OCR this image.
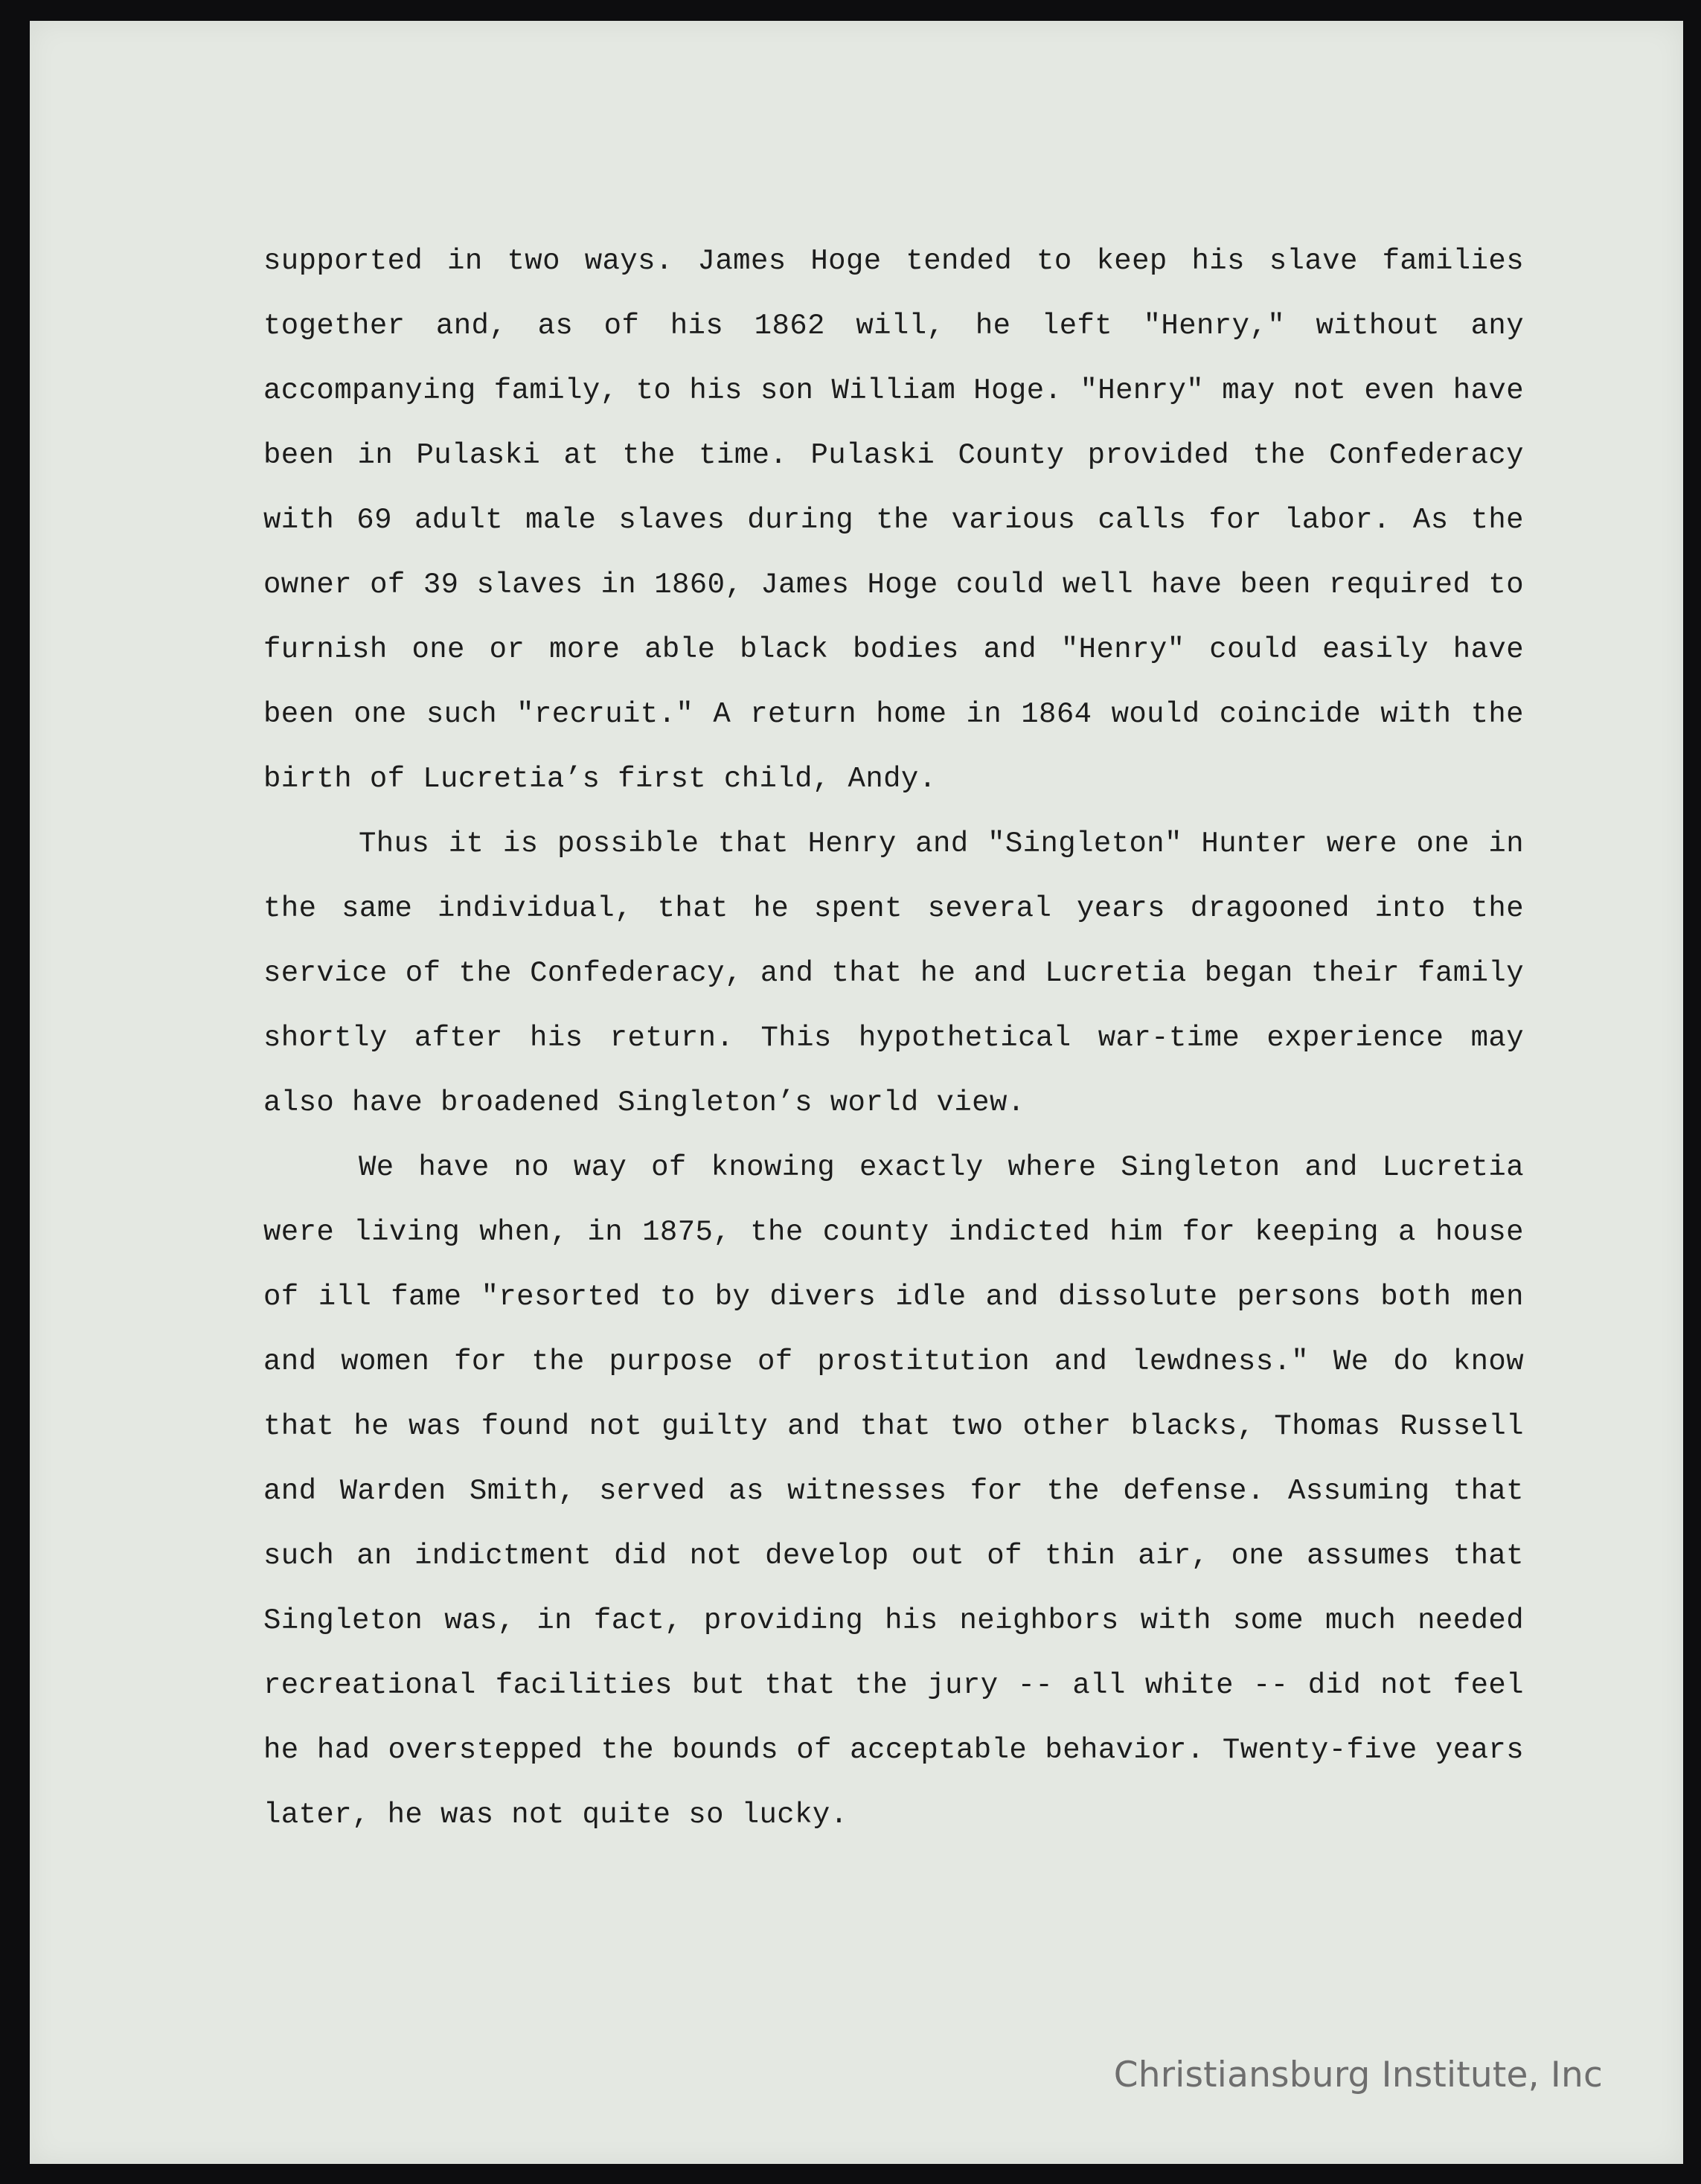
supported in two ways. James Hoge tended to keep his slave families together and, as of his 1862 will, he left "Henry," without any accompanying family, to his son William Hoge. "Henry" may not even have been in Pulaski at the time. Pulaski County provided the Confederacy with 69 adult male slaves during the various calls for labor. As the owner of 39 slaves in 1860, James Hoge could well have been required to furnish one or more able black bodies and "Henry" could easily have been one such "recruit." A return home in 1864 would coincide with the birth of Lucretia’s first child, Andy.

Thus it is possible that Henry and "Singleton" Hunter were one in the same individual, that he spent several years dragooned into the service of the Confederacy, and that he and Lucretia began their family shortly after his return. This hypothetical war-time experience may also have broadened Singleton’s world view.

We have no way of knowing exactly where Singleton and Lucretia were living when, in 1875, the county indicted him for keeping a house of ill fame "resorted to by divers idle and dissolute persons both men and women for the purpose of prostitution and lewdness." We do know that he was found not guilty and that two other blacks, Thomas Russell and Warden Smith, served as witnesses for the defense. Assuming that such an indictment did not develop out of thin air, one assumes that Singleton was, in fact, providing his neighbors with some much needed recreational facilities but that the jury -- all white -- did not feel he had overstepped the bounds of acceptable behavior. Twenty-five years later, he was not quite so lucky.

Christiansburg Institute, Inc
